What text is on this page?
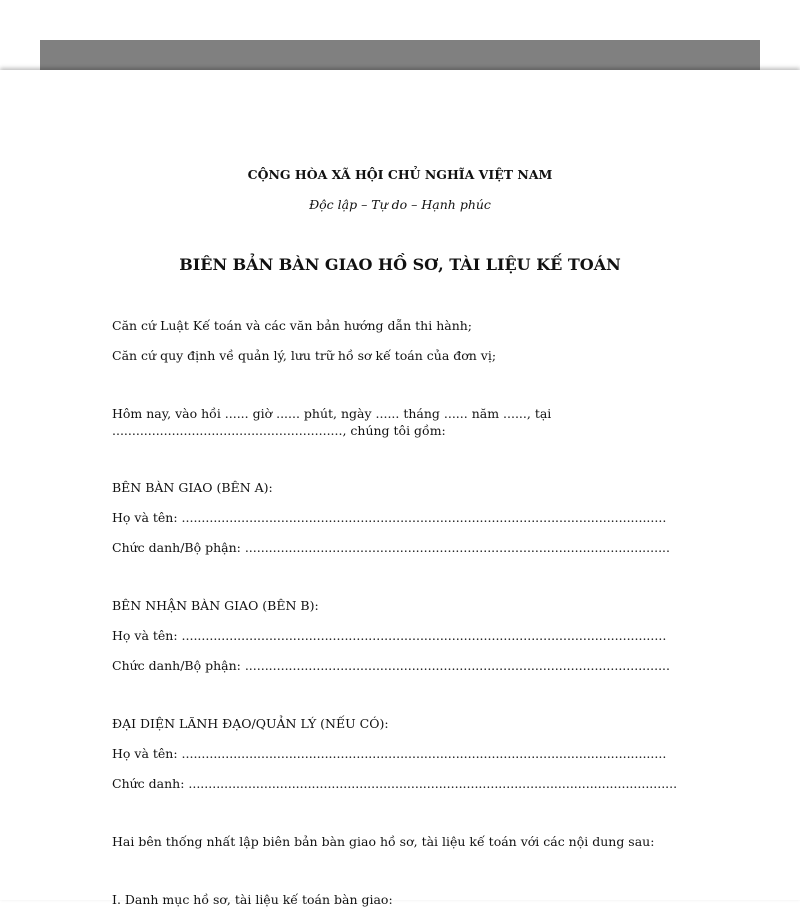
CỘNG HÒA XÃ HỘI CHỦ NGHĨA VIỆT NAM
Độc lập – Tự do – Hạnh phúc
BIÊN BẢN BÀN GIAO HỒ SƠ, TÀI LIỆU KẾ TOÁN
Căn cứ Luật Kế toán và các văn bản hướng dẫn thi hành;
Căn cứ quy định về quản lý, lưu trữ hồ sơ kế toán của đơn vị;
Hôm nay, vào hồi ...... giờ ...... phút, ngày ...... tháng ...... năm ......, tại .........................................................., chúng tôi gồm:
BÊN BÀN GIAO (BÊN A):
Họ và tên: ..........................................................................................................................
Chức danh/Bộ phận: ...........................................................................................................
BÊN NHẬN BÀN GIAO (BÊN B):
Họ và tên: ..........................................................................................................................
Chức danh/Bộ phận: ...........................................................................................................
ĐẠI DIỆN LÃNH ĐẠO/QUẢN LÝ (NẾU CÓ):
Họ và tên: ..........................................................................................................................
Chức danh: ...........................................................................................................................
Hai bên thống nhất lập biên bản bàn giao hồ sơ, tài liệu kế toán với các nội dung sau:
I. Danh mục hồ sơ, tài liệu kế toán bàn giao:
